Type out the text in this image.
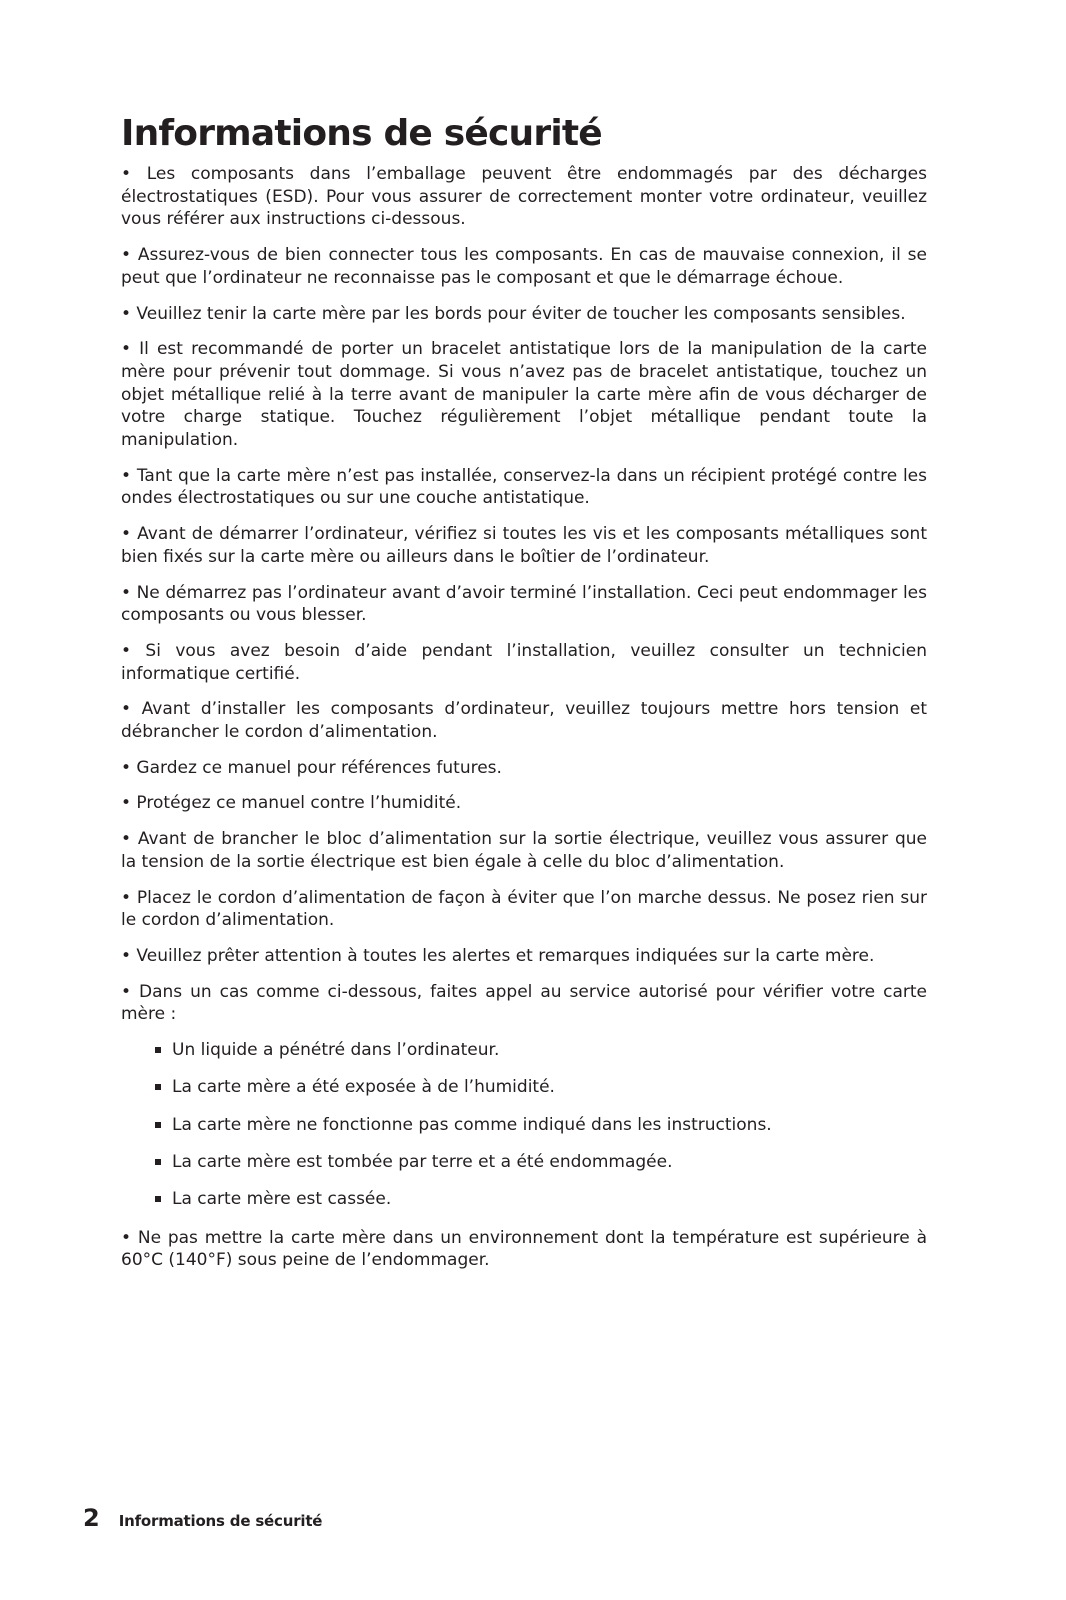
Informations de sécurité

• Les composants dans l’emballage peuvent être endommagés par des décharges électrostatiques (ESD). Pour vous assurer de correctement monter votre ordinateur, veuillez vous référer aux instructions ci-dessous.

• Assurez-vous de bien connecter tous les composants. En cas de mauvaise connexion, il se peut que l’ordinateur ne reconnaisse pas le composant et que le démarrage échoue.

• Veuillez tenir la carte mère par les bords pour éviter de toucher les composants sensibles.

• Il est recommandé de porter un bracelet antistatique lors de la manipulation de la carte mère pour prévenir tout dommage. Si vous n’avez pas de bracelet antistatique, touchez un objet métallique relié à la terre avant de manipuler la carte mère afin de vous décharger de votre charge statique. Touchez régulièrement l’objet métallique pendant toute la manipulation.

• Tant que la carte mère n’est pas installée, conservez-la dans un récipient protégé contre les ondes électrostatiques ou sur une couche antistatique.

• Avant de démarrer l’ordinateur, vérifiez si toutes les vis et les composants métalliques sont bien fixés sur la carte mère ou ailleurs dans le boîtier de l’ordinateur.

• Ne démarrez pas l’ordinateur avant d’avoir terminé l’installation. Ceci peut endommager les composants ou vous blesser.

• Si vous avez besoin d’aide pendant l’installation, veuillez consulter un technicien informatique certifié.

• Avant d’installer les composants d’ordinateur, veuillez toujours mettre hors tension et débrancher le cordon d’alimentation.

• Gardez ce manuel pour références futures.

• Protégez ce manuel contre l’humidité.

• Avant de brancher le bloc d’alimentation sur la sortie électrique, veuillez vous assurer que la tension de la sortie électrique est bien égale à celle du bloc d’alimentation.

• Placez le cordon d’alimentation de façon à éviter que l’on marche dessus. Ne posez rien sur le cordon d’alimentation.

• Veuillez prêter attention à toutes les alertes et remarques indiquées sur la carte mère.

• Dans un cas comme ci-dessous, faites appel au service autorisé pour vérifier votre carte mère :

Un liquide a pénétré dans l’ordinateur.
La carte mère a été exposée à de l’humidité.
La carte mère ne fonctionne pas comme indiqué dans les instructions.
La carte mère est tombée par terre et a été endommagée.
La carte mère est cassée.

• Ne pas mettre la carte mère dans un environnement dont la température est supérieure à 60°C (140°F) sous peine de l’endommager.

2 Informations de sécurité
